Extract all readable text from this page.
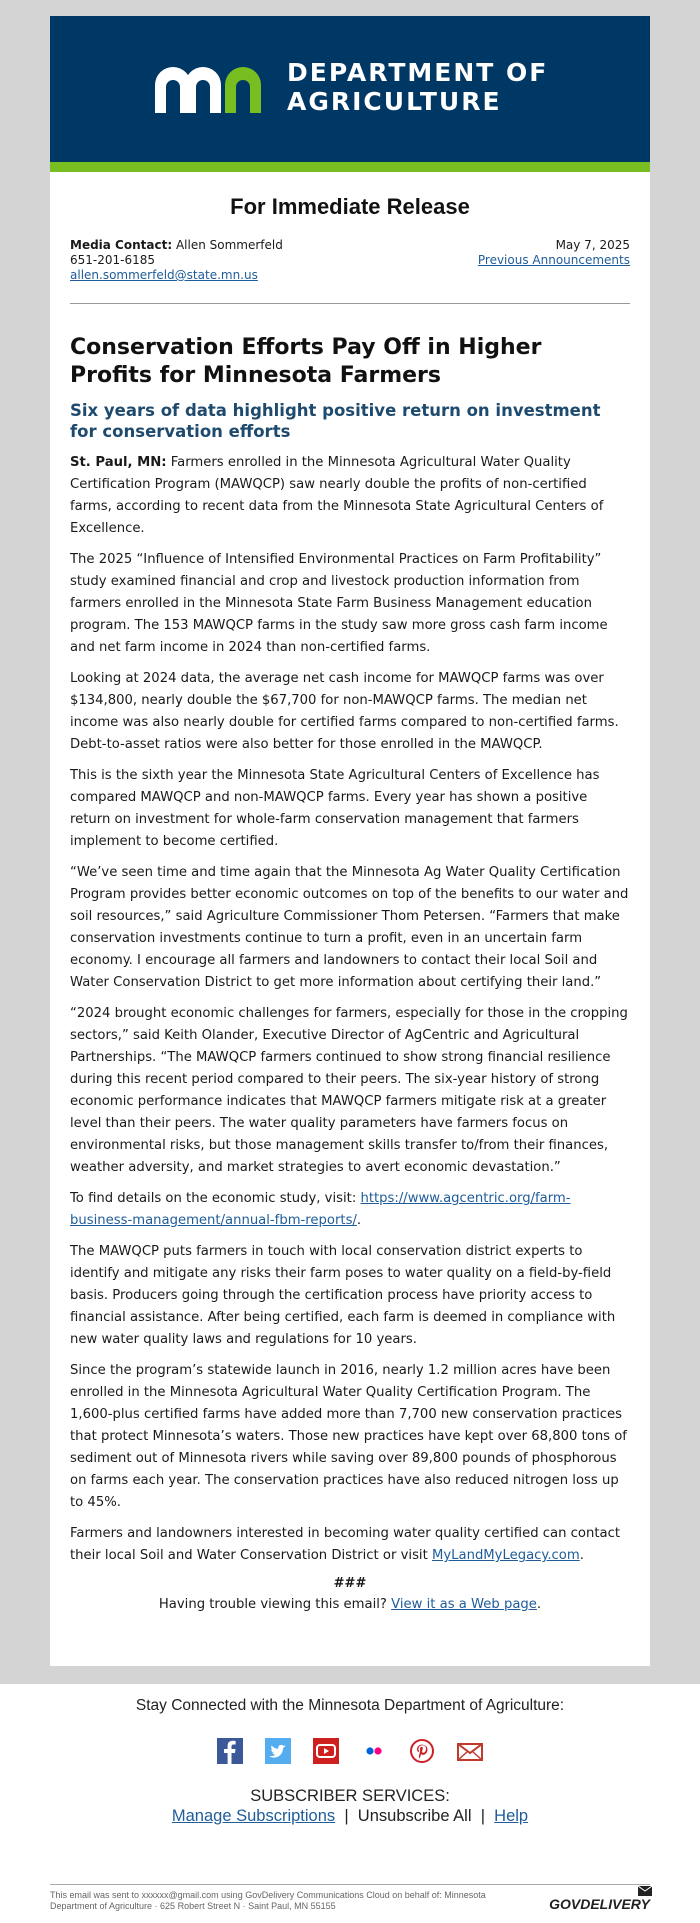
DEPARTMENT OF
AGRICULTURE
For Immediate Release
Media Contact: Allen Sommerfeld
651-201-6185
allen.sommerfeld@state.mn.us
May 7, 2025
Previous Announcements
Conservation Efforts Pay Off in Higher Profits for Minnesota Farmers
Six years of data highlight positive return on investment for conservation efforts

St. Paul, MN: Farmers enrolled in the Minnesota Agricultural Water Quality Certification Program (MAWQCP) saw nearly double the profits of non-certified farms, according to recent data from the Minnesota State Agricultural Centers of Excellence.

The 2025 “Influence of Intensified Environmental Practices on Farm Profitability” study examined financial and crop and livestock production information from farmers enrolled in the Minnesota State Farm Business Management education program. The 153 MAWQCP farms in the study saw more gross cash farm income and net farm income in 2024 than non-certified farms.

Looking at 2024 data, the average net cash income for MAWQCP farms was over $134,800, nearly double the $67,700 for non-MAWQCP farms. The median net income was also nearly double for certified farms compared to non-certified farms. Debt-to-asset ratios were also better for those enrolled in the MAWQCP.

This is the sixth year the Minnesota State Agricultural Centers of Excellence has compared MAWQCP and non-MAWQCP farms. Every year has shown a positive return on investment for whole-farm conservation management that farmers implement to become certified.

“We’ve seen time and time again that the Minnesota Ag Water Quality Certification Program provides better economic outcomes on top of the benefits to our water and soil resources,” said Agriculture Commissioner Thom Petersen. “Farmers that make conservation investments continue to turn a profit, even in an uncertain farm economy. I encourage all farmers and landowners to contact their local Soil and Water Conservation District to get more information about certifying their land.”

“2024 brought economic challenges for farmers, especially for those in the cropping sectors,” said Keith Olander, Executive Director of AgCentric and Agricultural Partnerships. “The MAWQCP farmers continued to show strong financial resilience during this recent period compared to their peers. The six-year history of strong economic performance indicates that MAWQCP farmers mitigate risk at a greater level than their peers. The water quality parameters have farmers focus on environmental risks, but those management skills transfer to/from their finances, weather adversity, and market strategies to avert economic devastation.”

To find details on the economic study, visit: https://www.agcentric.org/farm-business-management/annual-fbm-reports/.

The MAWQCP puts farmers in touch with local conservation district experts to identify and mitigate any risks their farm poses to water quality on a field-by-field basis. Producers going through the certification process have priority access to financial assistance. After being certified, each farm is deemed in compliance with new water quality laws and regulations for 10 years.

Since the program’s statewide launch in 2016, nearly 1.2 million acres have been enrolled in the Minnesota Agricultural Water Quality Certification Program. The 1,600-plus certified farms have added more than 7,700 new conservation practices that protect Minnesota’s waters. Those new practices have kept over 68,800 tons of sediment out of Minnesota rivers while saving over 89,800 pounds of phosphorous on farms each year. The conservation practices have also reduced nitrogen loss up to 45%.

Farmers and landowners interested in becoming water quality certified can contact their local Soil and Water Conservation District or visit MyLandMyLegacy.com.

###
Having trouble viewing this email? View it as a Web page.
Stay Connected with the Minnesota Department of Agriculture:
SUBSCRIBER SERVICES:
Manage Subscriptions | Unsubscribe All | Help
This email was sent to xxxxxx@gmail.com using GovDelivery Communications Cloud on behalf of: Minnesota Department of Agriculture · 625 Robert Street N · Saint Paul, MN 55155	GOVDELIVERY
